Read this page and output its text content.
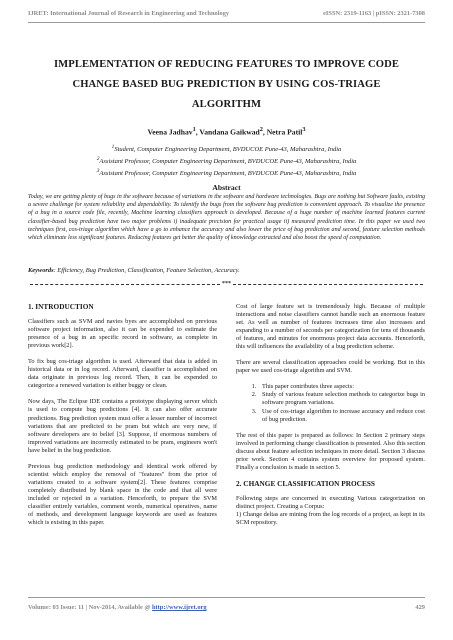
IJRET: International Journal of Research in Engineering and Technology	eISSN: 2319-1163 | pISSN: 2321-7308
IMPLEMENTATION OF REDUCING FEATURES TO IMPROVE CODE
CHANGE BASED BUG PREDICTION BY USING COS-TRIAGE
ALGORITHM
Veena Jadhav$^1$, Vandana Gaikwad$^2$, Netra Patil$^3$
$^1$Student, Computer Engineering Department, BVDUCOE Pune-43, Maharashtra, India
$^2$Assistant Professor, Computer Engineering Department, BVDUCOE Pune-43, Maharashtra, India
$^3$Assistant Professor, Computer Engineering Department, BVDUCOE Pune-43, Maharashtra, India
Abstract
Today, we are getting plenty of bugs in the software because of variations in the software and hardware technologies. Bugs are nothing but Software faults, existing a severe challenge for system reliability and dependability. To identify the bugs from the software bug prediction is convenient approach. To visualize the presence of a bug in a source code file, recently, Machine learning classifiers approach is developed. Because of a huge number of machine learned features current classifier-based bug prediction have two major problems i) inadequate precision for practical usage ii) measured prediction time. In this paper we used two techniques first, cos-triage algorithm which have a go to enhance the accuracy and also lower the price of bug prediction and second, feature selection methods which eliminate less significant features. Reducing features get better the quality of knowledge extracted and also boost the speed of computation.
Keywords: Efficiency, Bug Prediction, Classification, Feature Selection, Accuracy.
***
1. INTRODUCTION

Classifiers such as SVM and navies byes are accomplished on previous software project information, also it can be expended to estimate the presence of a bug in an specific record in software, as complete in previous work[2].

To fix bug cos-triage algorithm is used. Afterward that data is added in historical data or in log record. Afterward, classifier is accomplished on data originate in previous log record. Then, it can be expended to categorize a renewed variation is either buggy or clean.

Now days, The Eclipse IDE contains a prototype displaying server which is used to compute bug predictions [4]. It can also offer accurate predictions. Bug prediction system must offer a lesser number of incorrect variations that are predicted to be pram but which are very new, if software developers are to belief [3]. Suppose, if enormous numbers of improved variations are incorrectly estimated to be pram, engineers won't have belief in the bug prediction.

Previous bug prediction methodology and identical work offered by scientist which employ the removal of "features" from the prior of variations created to a software system[2]. These features comprise completely distributed by blank space in the code and that all were included or rejected in a variation. Henceforth, to prepare the SVM classifier entirely variables, comment words, numerical operatives, name of methods, and development language keywords are used as features which is existing in this paper.

Cost of large feature set is tremendously high. Because of multiple interactions and noise classifiers cannot handle such an enormous feature set. As well as number of features increases time also increases and expanding to a number of seconds per categorization for tens of thousands of features, and minutes for enormous project data accounts. Henceforth, this will influences the availability of a bug prediction scheme.

There are several classification approaches could be working. But in this paper we used cos-triage algorithm and SVM.

1. This paper contributes three aspects:
2. Study of various feature selection methods to categorize bugs in software program variations.
3. Use of cos-triage algorithm to increase accuracy and reduce cost of bug prediction.

The rest of this paper is prepared as follows: In Section 2 primary steps involved in performing change classification is presented. Also this section discuss about feature selection techniques in more detail. Section 3 discuss prior work. Section 4 contains system overview for proposed system. Finally a conclusion is made in section 5.

2. CHANGE CLASSIFICATION PROCESS

Following steps are concerned in executing Various categorization on distinct project. Creating a Corpus:

1) Change deltas are mining from the log records of a project, as kept in its SCM repository.

Volume: 03 Issue: 11 | Nov-2014, Available @ http://www.ijret.org	429
